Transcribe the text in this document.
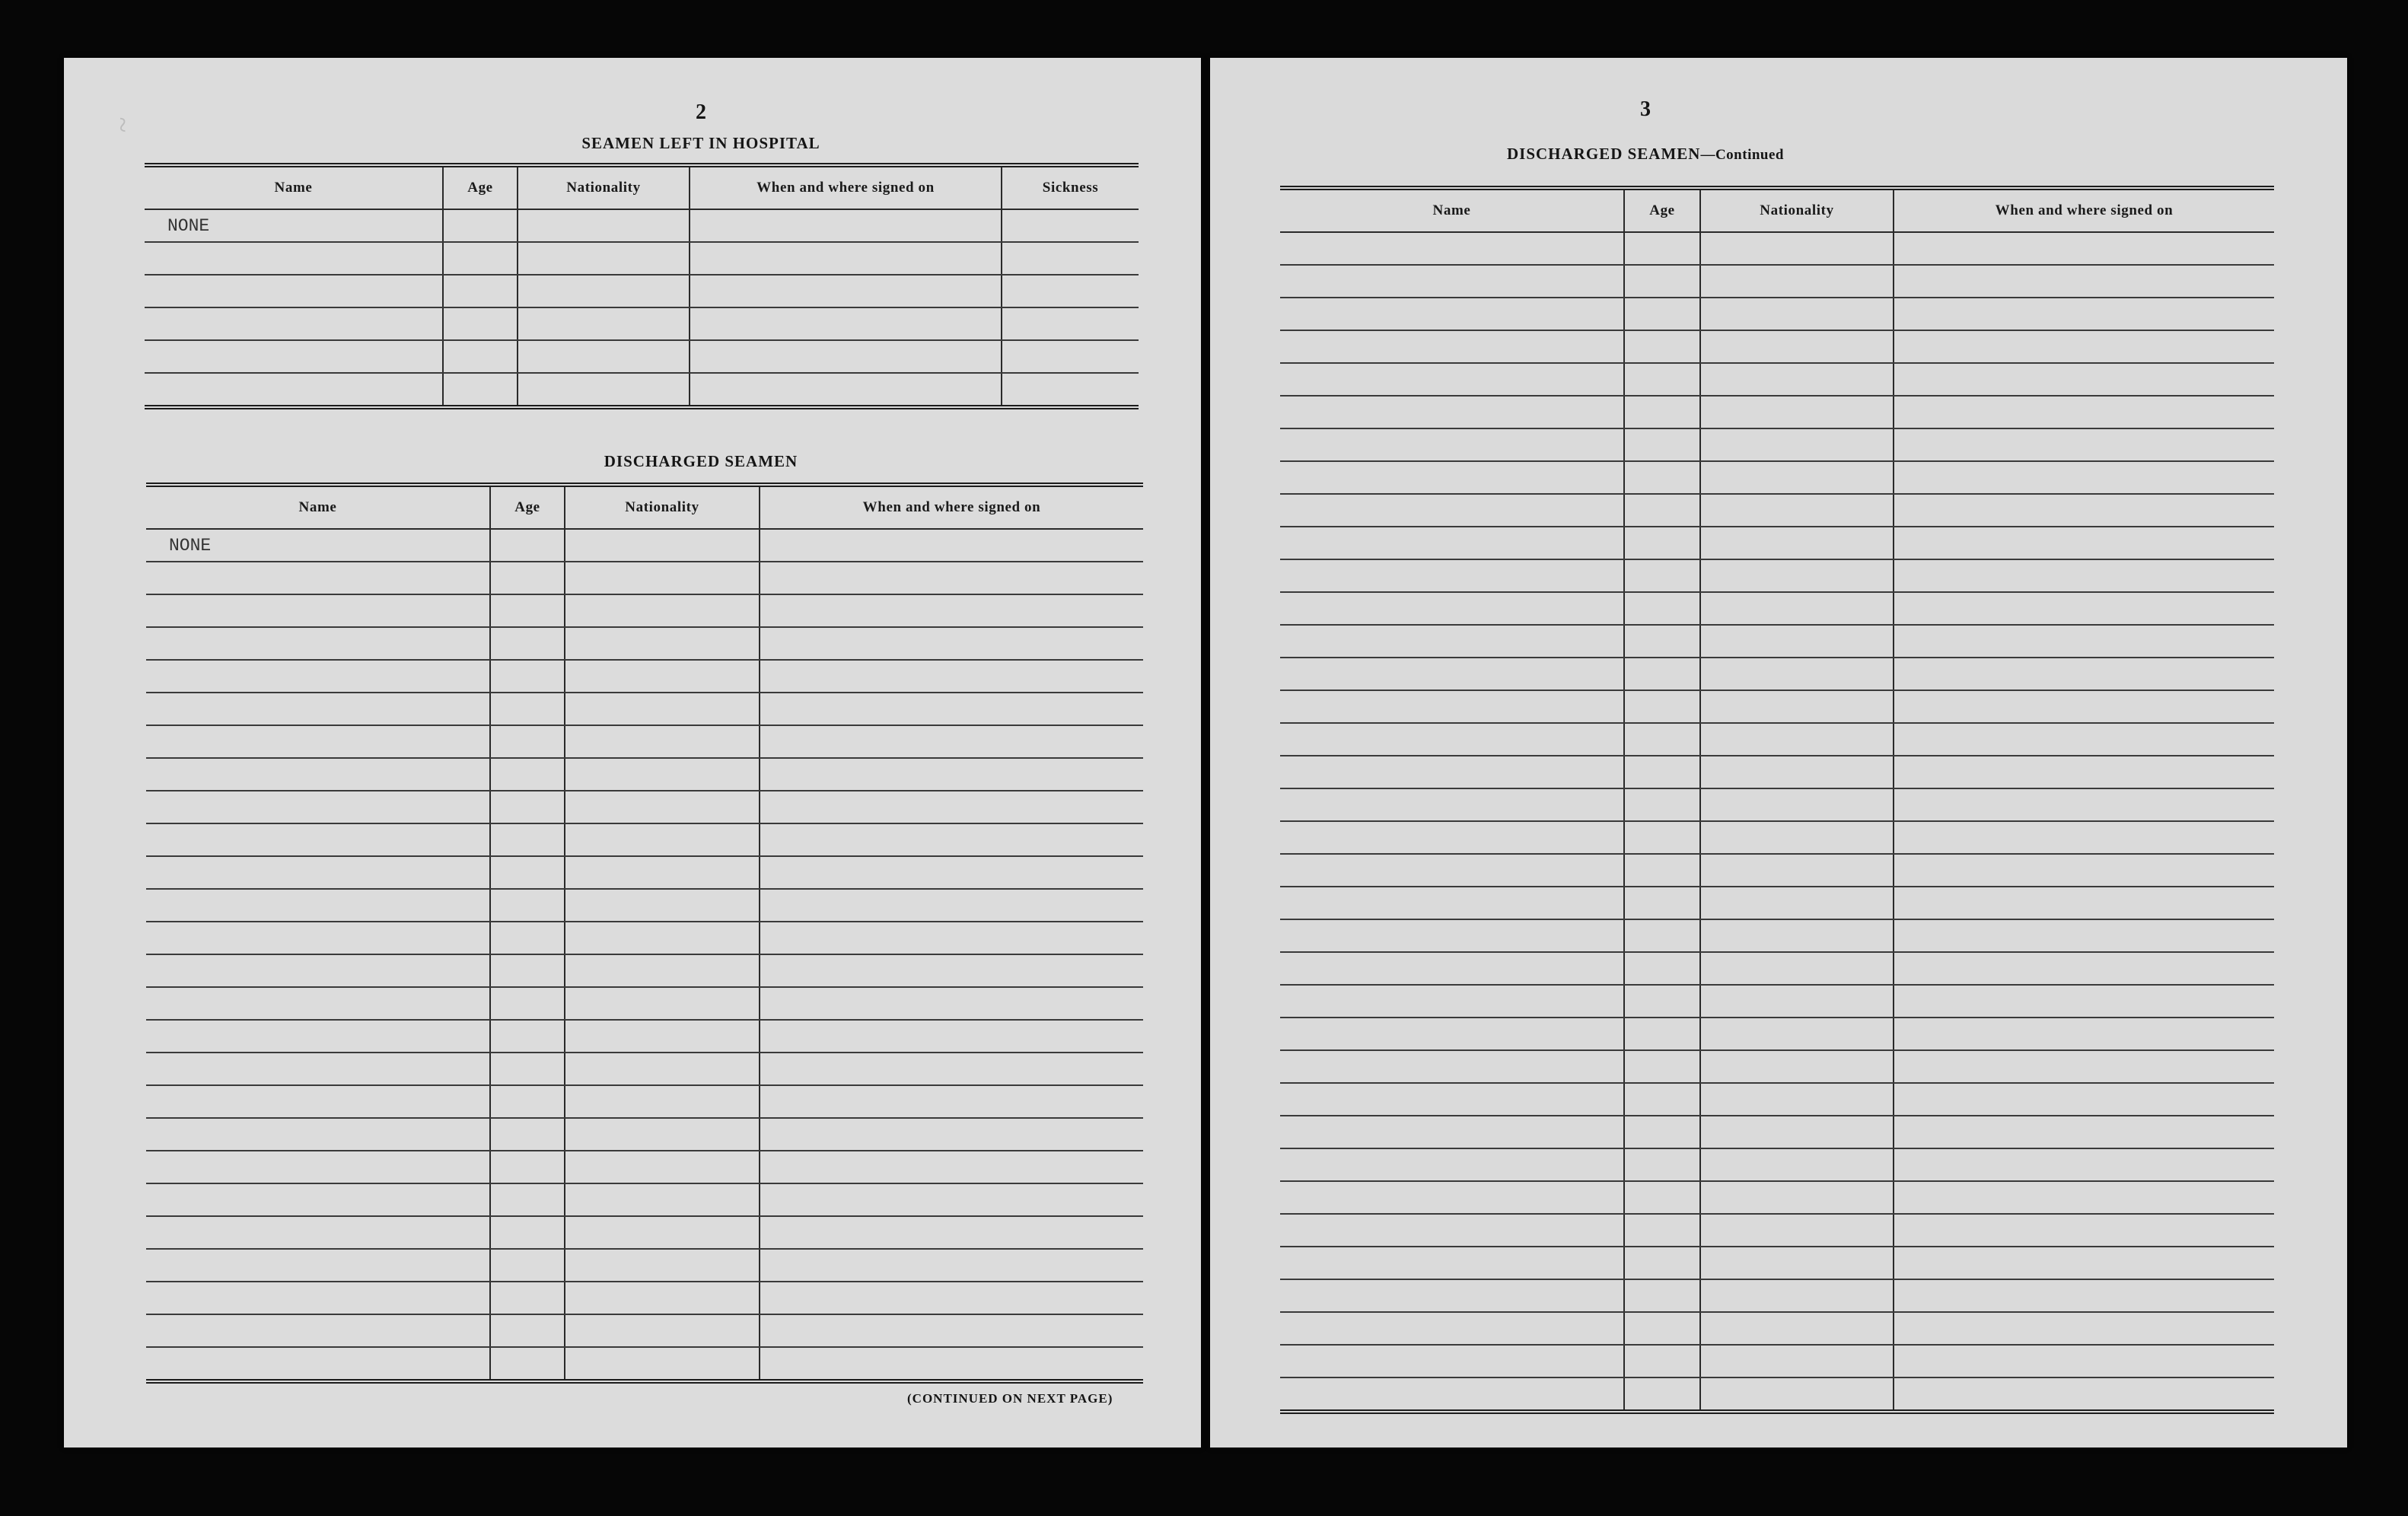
~
2
SEAMEN LEFT IN HOSPITAL
Name	Age	Nationality	When and where signed on	Sickness
NONE				

DISCHARGED SEAMEN
Name	Age	Nationality	When and where signed on
NONE			

(CONTINUED ON NEXT PAGE)
3
DISCHARGED SEAMEN—Continued
Name	Age	Nationality	When and where signed on
